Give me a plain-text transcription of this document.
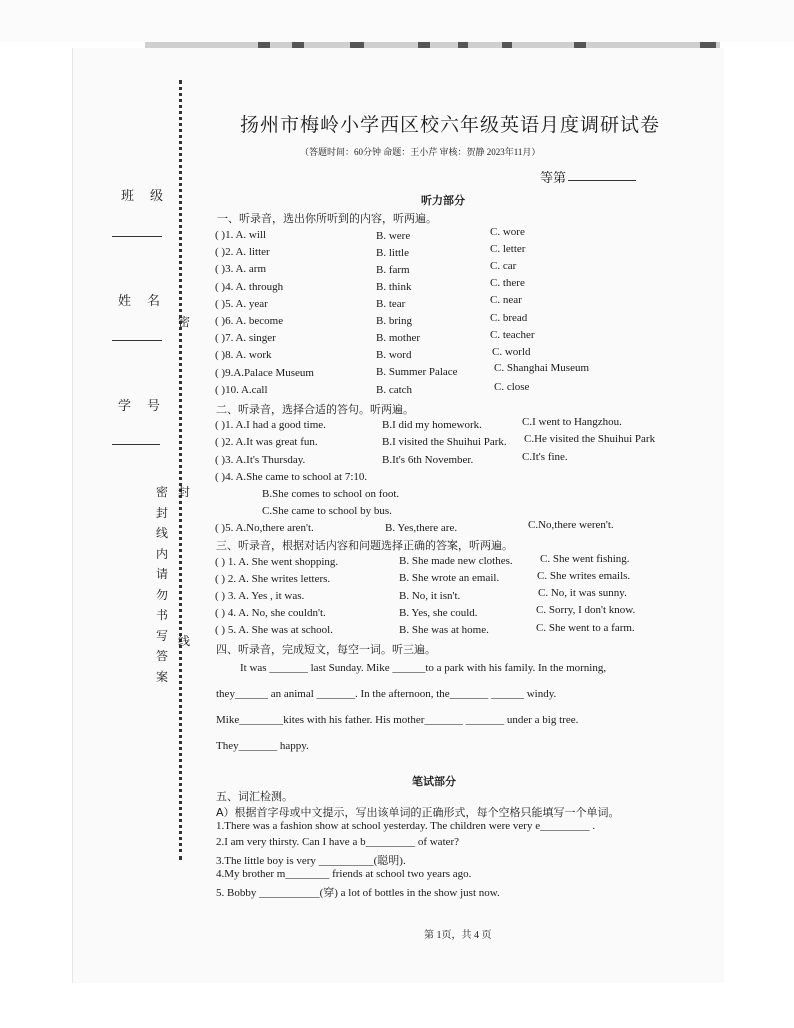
班级
姓名
学号
密封线内请勿书写答案
密
封
线
扬州市梅岭小学西区校六年级英语月度调研试卷
（答题时间：60分钟 命题：王小芹 审核：贺静 2023年11月）
等第
听力部分
一、听录音，选出你所听到的内容，听两遍。
( )1. A. will	B. were	C. wore
( )2. A. litter	B. little	C. letter
( )3. A. arm	B. farm	C. car
( )4. A. through	B. think	C. there
( )5. A. year	B. tear	C. near
( )6. A. become	B. bring	C. bread
( )7. A. singer	B. mother	C. teacher
( )8. A. work	B. word	C. world
( )9.A.Palace Museum	B. Summer Palace	C. Shanghai Museum
( )10. A.call	B. catch	C. close
二、听录音，选择合适的答句。听两遍。
( )1. A.I had a good time.	B.I did my homework.	C.I went to Hangzhou.
( )2. A.It was great fun.	B.I visited the Shuihui Park. C.He visited the Shuihui Park
( )3. A.It's Thursday.	B.It's 6th November.	C.It's fine.
( )4. A.She came to school at 7:10.
B.She comes to school on foot.
C.She came to school by bus.
( )5. A.No,there aren't.	B. Yes,there are.	C.No,there weren't.
三、听录音，根据对话内容和问题选择正确的答案，听两遍。
( ) 1. A. She went shopping.	B. She made new clothes. C. She went fishing.
( ) 2. A. She writes letters.	B. She wrote an email.	C. She writes emails.
( ) 3. A. Yes , it was.	B. No, it isn't.	C. No, it was sunny.
( ) 4. A. No, she couldn't.	B. Yes, she could.	C. Sorry, I don't know.
( ) 5. A. She was at school.	B. She was at home.	C. She went to a farm.
四、听录音，完成短文，每空一词。听三遍。
It was _______ last Sunday. Mike ______to a park with his family. In the morning,
they______ an animal _______. In the afternoon, the_______ ______ windy.
Mike________kites with his father. His mother_______ _______ under a big tree.
They_______ happy.
笔试部分
五、词汇检测。
A）根据首字母或中文提示，写出该单词的正确形式，每个空格只能填写一个单词。
1.There was a fashion show at school yesterday. The children were very e_________ .
2.I am very thirsty. Can I have a b_________ of water?
3.The little boy is very __________(聪明).
4.My brother m________ friends at school two years ago.
5. Bobby ___________(穿) a lot of bottles in the show just now.
第 1页，共 4 页
